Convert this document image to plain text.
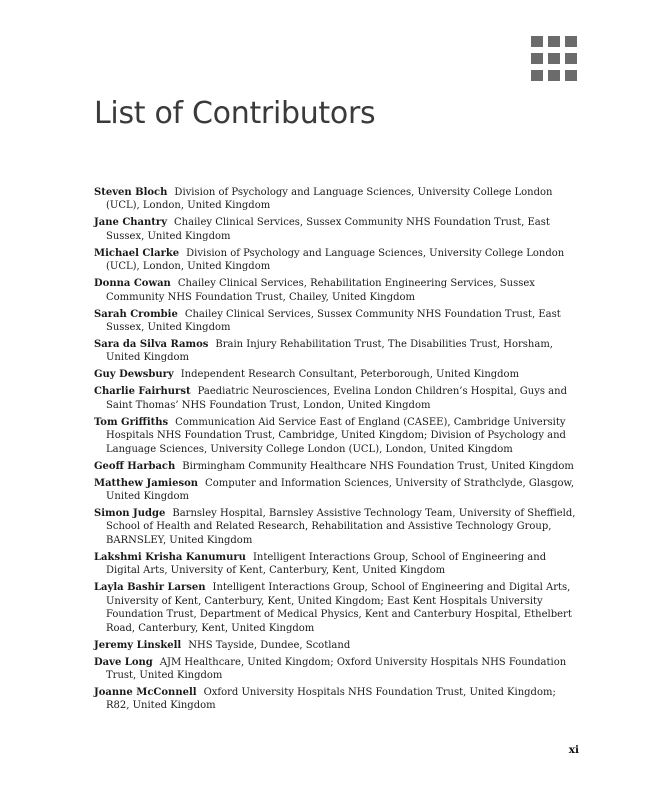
List of Contributors
Steven Bloch Division of Psychology and Language Sciences, University College London (UCL), London, United Kingdom
Jane Chantry Chailey Clinical Services, Sussex Community NHS Foundation Trust, East Sussex, United Kingdom
Michael Clarke Division of Psychology and Language Sciences, University College London (UCL), London, United Kingdom
Donna Cowan Chailey Clinical Services, Rehabilitation Engineering Services, Sussex Community NHS Foundation Trust, Chailey, United Kingdom
Sarah Crombie Chailey Clinical Services, Sussex Community NHS Foundation Trust, East Sussex, United Kingdom
Sara da Silva Ramos Brain Injury Rehabilitation Trust, The Disabilities Trust, Horsham, United Kingdom
Guy Dewsbury Independent Research Consultant, Peterborough, United Kingdom
Charlie Fairhurst Paediatric Neurosciences, Evelina London Children’s Hospital, Guys and Saint Thomas’ NHS Foundation Trust, London, United Kingdom
Tom Griffiths Communication Aid Service East of England (CASEE), Cambridge University Hospitals NHS Foundation Trust, Cambridge, United Kingdom; Division of Psychology and Language Sciences, University College London (UCL), London, United Kingdom
Geoff Harbach Birmingham Community Healthcare NHS Foundation Trust, United Kingdom
Matthew Jamieson Computer and Information Sciences, University of Strathclyde, Glasgow, United Kingdom
Simon Judge Barnsley Hospital, Barnsley Assistive Technology Team, University of Sheffield, School of Health and Related Research, Rehabilitation and Assistive Technology Group, BARNSLEY, United Kingdom
Lakshmi Krisha Kanumuru Intelligent Interactions Group, School of Engineering and Digital Arts, University of Kent, Canterbury, Kent, United Kingdom
Layla Bashir Larsen Intelligent Interactions Group, School of Engineering and Digital Arts, University of Kent, Canterbury, Kent, United Kingdom; East Kent Hospitals University Foundation Trust, Department of Medical Physics, Kent and Canterbury Hospital, Ethelbert Road, Canterbury, Kent, United Kingdom
Jeremy Linskell NHS Tayside, Dundee, Scotland
Dave Long AJM Healthcare, United Kingdom; Oxford University Hospitals NHS Foundation Trust, United Kingdom
Joanne McConnell Oxford University Hospitals NHS Foundation Trust, United Kingdom; R82, United Kingdom
xi
